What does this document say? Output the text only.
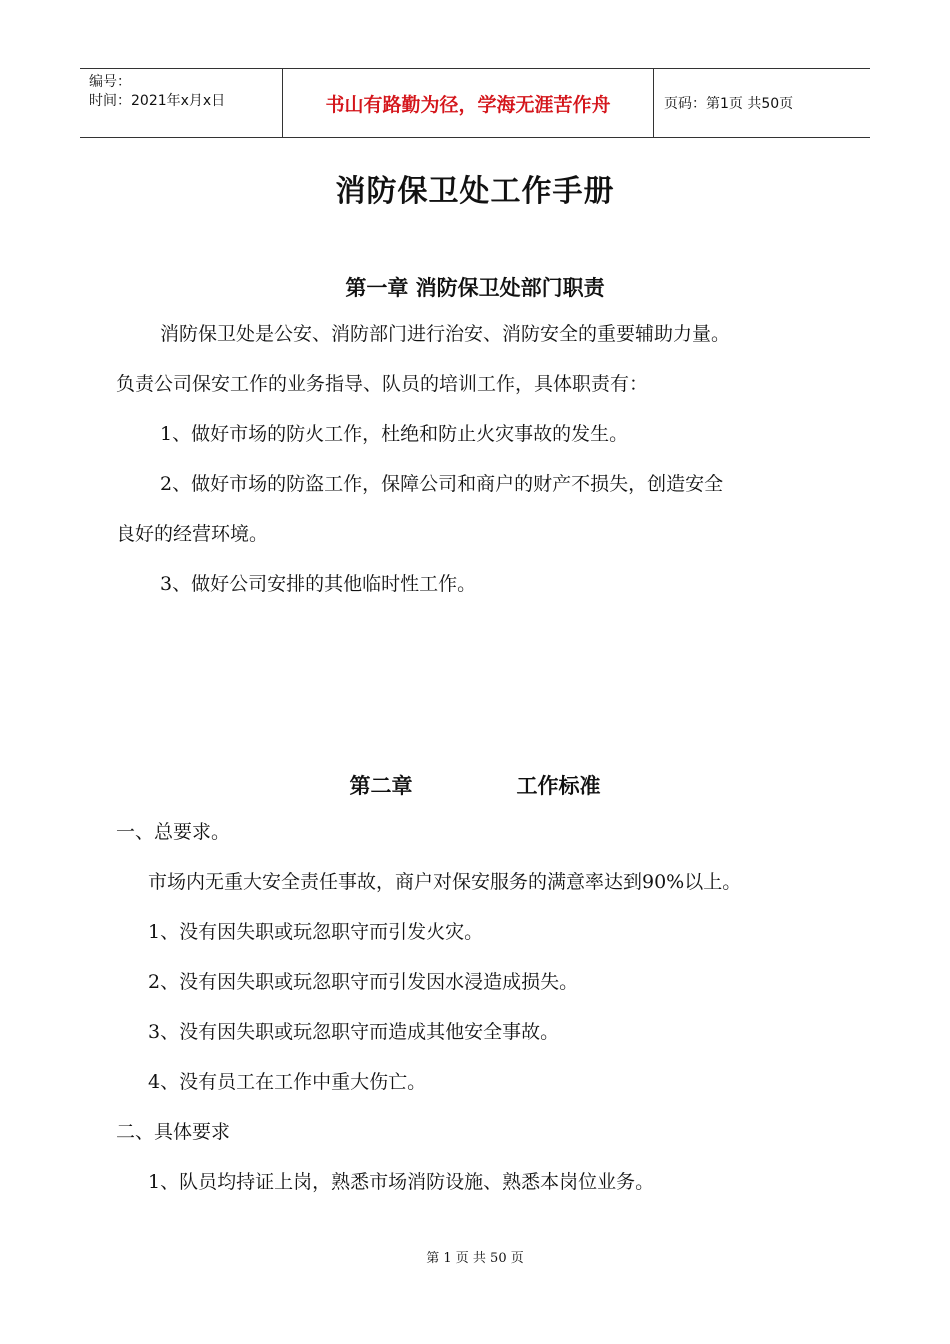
编号：
时间：2021年x月x日	书山有路勤为径，学海无涯苦作舟	页码：第1页 共50页
消防保卫处工作手册
第一章 消防保卫处部门职责
消防保卫处是公安、消防部门进行治安、消防安全的重要辅助力量。
负责公司保安工作的业务指导、队员的培训工作，具体职责有：
1、做好市场的防火工作，杜绝和防止火灾事故的发生。
2、做好市场的防盗工作，保障公司和商户的财产不损失，创造安全
良好的经营环境。
3、做好公司安排的其他临时性工作。
第二章	工作标准
一、总要求。
市场内无重大安全责任事故，商户对保安服务的满意率达到90%以上。
1、没有因失职或玩忽职守而引发火灾。
2、没有因失职或玩忽职守而引发因水浸造成损失。
3、没有因失职或玩忽职守而造成其他安全事故。
4、没有员工在工作中重大伤亡。
二、具体要求
1、队员均持证上岗，熟悉市场消防设施、熟悉本岗位业务。
第 1 页 共 50 页
